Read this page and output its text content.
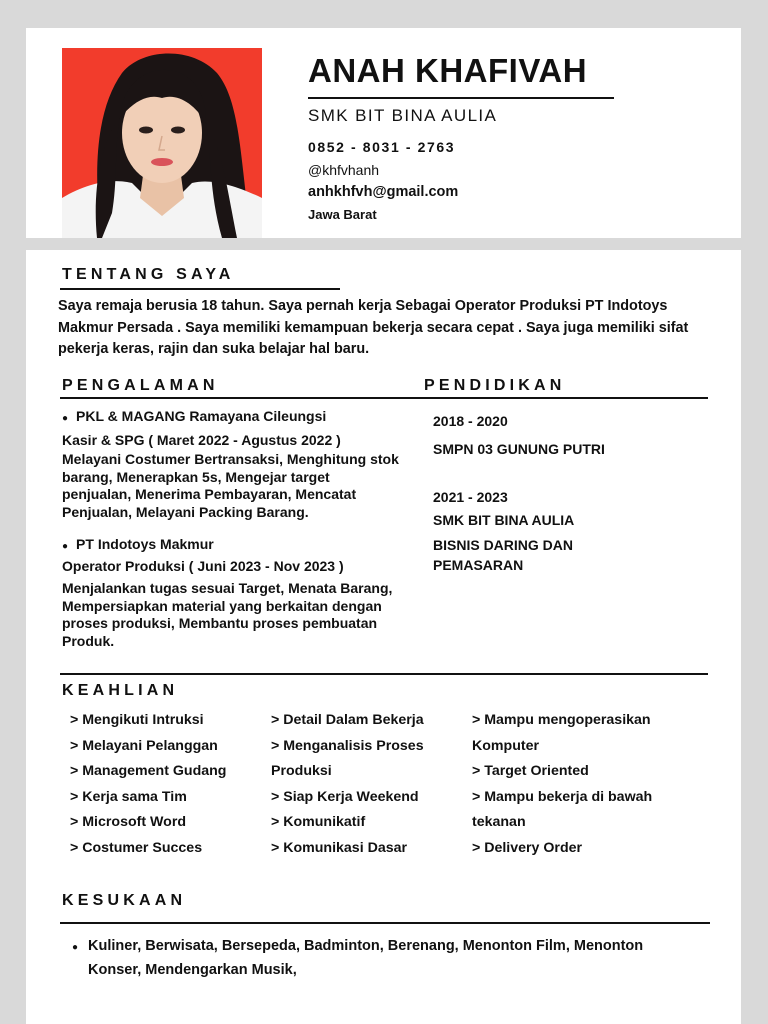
ANAH KHAFIVAH
SMK BIT BINA AULIA
0852 - 8031 - 2763
@khfvhanh
anhkhfvh@gmail.com
Jawa Barat
TENTANG SAYA
Saya remaja berusia 18 tahun. Saya pernah kerja Sebagai Operator Produksi PT Indotoys Makmur Persada . Saya memiliki kemampuan bekerja secara cepat . Saya juga memiliki sifat pekerja keras, rajin dan suka belajar hal baru.
PENGALAMAN	PENDIDIKAN
● PKL & MAGANG Ramayana Cileungsi
Kasir & SPG ( Maret 2022 - Agustus 2022 )
Melayani Costumer Bertransaksi, Menghitung stok barang, Menerapkan 5s, Mengejar target penjualan, Menerima Pembayaran, Mencatat Penjualan, Melayani Packing Barang.
● PT Indotoys Makmur
Operator Produksi ( Juni 2023 - Nov 2023 )
Menjalankan tugas sesuai Target, Menata Barang, Mempersiapkan material yang berkaitan dengan proses produksi, Membantu proses pembuatan Produk.
2018 - 2020
SMPN 03 GUNUNG PUTRI
2021 - 2023
SMK BIT BINA AULIA
BISNIS DARING DAN PEMASARAN
KEAHLIAN
> Mengikuti Intruksi
> Melayani Pelanggan
> Management Gudang
> Kerja sama Tim
> Microsoft Word
> Costumer Succes
> Detail Dalam Bekerja
> Menganalisis Proses
Produksi
> Siap Kerja Weekend
> Komunikatif
> Komunikasi Dasar
> Mampu mengoperasikan
Komputer
> Target Oriented
> Mampu bekerja di bawah
tekanan
> Delivery Order
KESUKAAN
● Kuliner, Berwisata, Bersepeda, Badminton, Berenang, Menonton Film, Menonton Konser, Mendengarkan Musik,
